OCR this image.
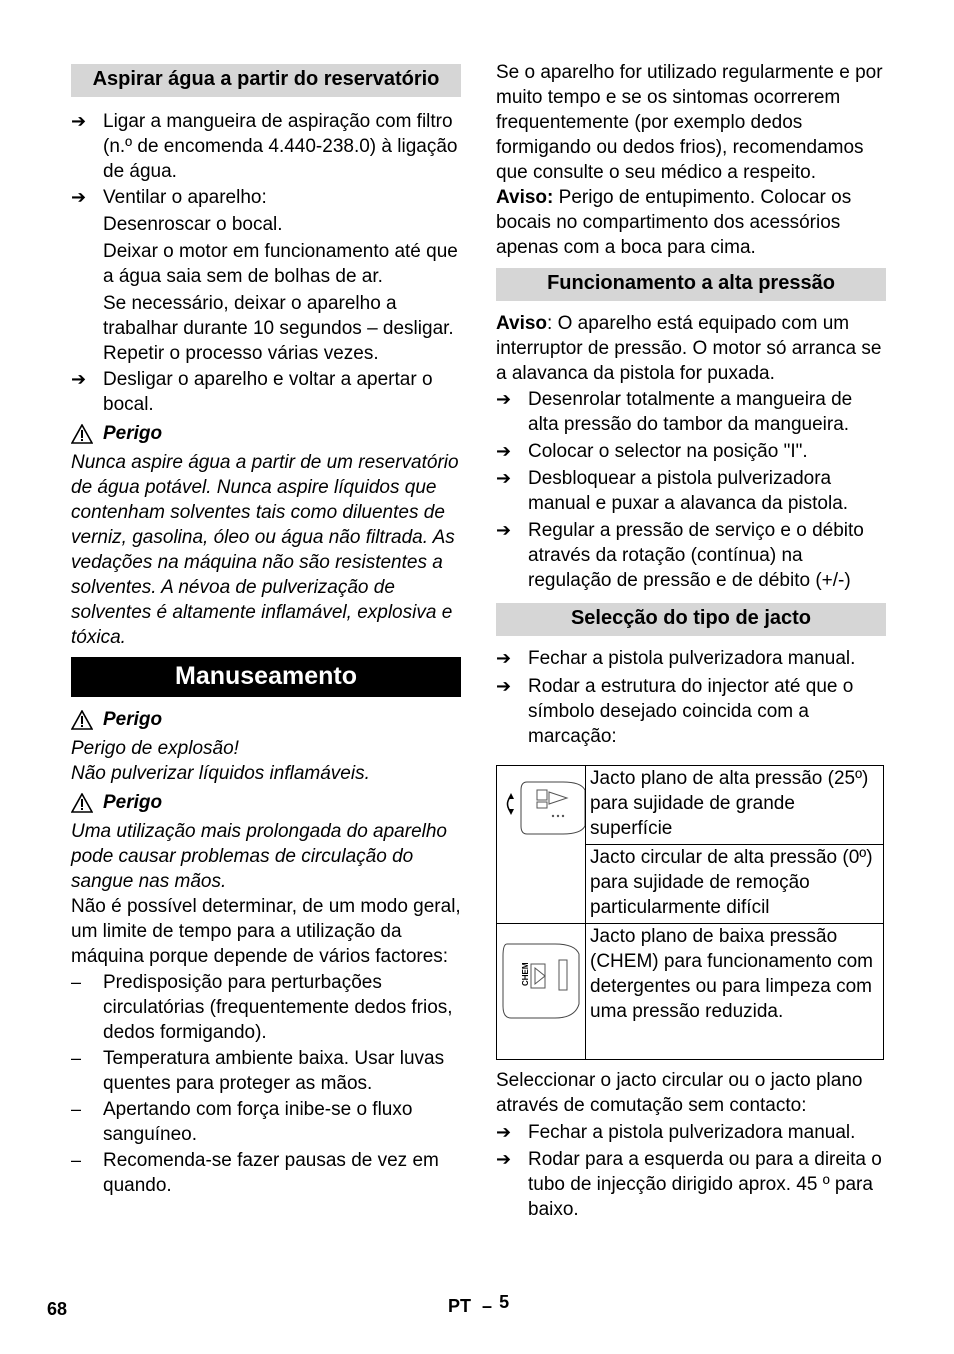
Aspirar água a partir do reservatório
➔ Ligar a mangueira de aspiração com filtro (n.º de encomenda 4.440-238.0) à ligação de água.
➔ Ventilar o aparelho:

Desenroscar o bocal.

Deixar o motor em funcionamento até que a água saia sem de bolhas de ar.

Se necessário, deixar o aparelho a trabalhar durante 10 segundos – desligar. Repetir o processo várias vezes.

➔ Desligar o aparelho e voltar a apertar o bocal.
Perigo

Nunca aspire água a partir de um reservatório de água potável. Nunca aspire líquidos que contenham solventes tais como diluentes de verniz, gasolina, óleo ou água não filtrada. As vedações na máquina não são resistentes a solventes. A névoa de pulverização de solventes é altamente inflamável, explosiva e tóxica.

Manuseamento
Perigo

Perigo de explosão!

Não pulverizar líquidos inflamáveis.

Perigo

Uma utilização mais prolongada do aparelho pode causar problemas de circulação do sangue nas mãos.

Não é possível determinar, de um modo geral, um limite de tempo para a utilização da máquina porque depende de vários factores:

–	Predisposição para perturbações circulatórias (frequentemente dedos frios, dedos formigando).
–	Temperatura ambiente baixa. Usar luvas quentes para proteger as mãos.
–	Apertando com força inibe-se o fluxo sanguíneo.
–	Recomenda-se fazer pausas de vez em quando.

Se o aparelho for utilizado regularmente e por muito tempo e se os sintomas ocorrerem frequentemente (por exemplo dedos formigando ou dedos frios), recomendamos que consulte o seu médico a respeito.

Aviso: Perigo de entupimento. Colocar os bocais no compartimento dos acessórios apenas com a boca para cima.

Funcionamento a alta pressão

Aviso: O aparelho está equipado com um interruptor de pressão. O motor só arranca se a alavanca da pistola for puxada.

➔ Desenrolar totalmente a mangueira de alta pressão do tambor da mangueira.
➔ Colocar o selector na posição "I".
➔ Desbloquear a pistola pulverizadora manual e puxar a alavanca da pistola.
➔ Regular a pressão de serviço e o débito através da rotação (contínua) na regulação de pressão e de débito (+/-)
Selecção do tipo de jacto
➔ Fechar a pistola pulverizadora manual.
➔ Rodar a estrutura do injector até que o símbolo desejado coincida com a marcação:
	Jacto plano de alta pressão (25º) para sujidade de grande superfície
	Jacto circular de alta pressão (0º) para sujidade de remoção particularmente difícil

CHEM	Jacto plano de baixa pressão (CHEM) para funcionamento com detergentes ou para limpeza com uma pressão reduzida.

Seleccionar o jacto circular ou o jacto plano através de comutação sem contacto:

➔ Fechar a pistola pulverizadora manual.
➔ Rodar para a esquerda ou para a direita o tubo de injecção dirigido aprox. 45 º para baixo.
68	PT – 5
